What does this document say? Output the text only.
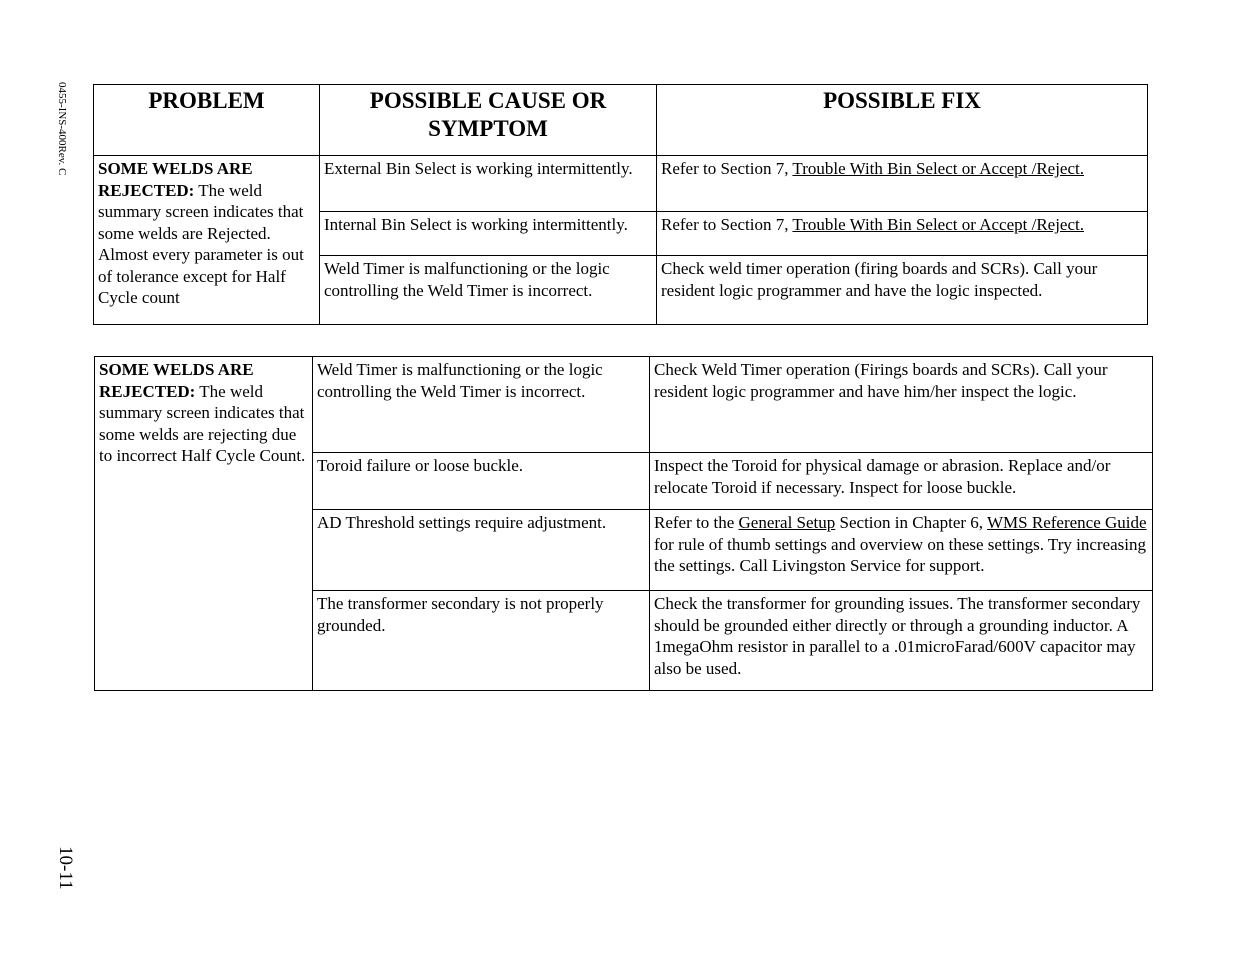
0455-INS-400Rev. C
10-11
PROBLEM	POSSIBLE CAUSE OR SYMPTOM	POSSIBLE FIX
SOME WELDS ARE REJECTED: The weld summary screen indicates that some welds are Rejected. Almost every parameter is out of tolerance except for Half Cycle count	External Bin Select is working intermittently.	Refer to Section 7, Trouble With Bin Select or Accept /Reject.
	Internal Bin Select is working intermittently.	Refer to Section 7, Trouble With Bin Select or Accept /Reject.
	Weld Timer is malfunctioning or the logic controlling the Weld Timer is incorrect.	Check weld timer operation (firing boards and SCRs). Call your resident logic programmer and have the logic inspected.
SOME WELDS ARE REJECTED: The weld summary screen indicates that some welds are rejecting due to incorrect Half Cycle Count.	Weld Timer is malfunctioning or the logic controlling the Weld Timer is incorrect.	Check Weld Timer operation (Firings boards and SCRs). Call your resident logic programmer and have him/her inspect the logic.
	Toroid failure or loose buckle.	Inspect the Toroid for physical damage or abrasion. Replace and/or relocate Toroid if necessary. Inspect for loose buckle.
	AD Threshold settings require adjustment.	Refer to the General Setup Section in Chapter 6, WMS Reference Guide for rule of thumb settings and overview on these settings. Try increasing the settings. Call Livingston Service for support.
	The transformer secondary is not properly grounded.	Check the transformer for grounding issues. The transformer secondary should be grounded either directly or through a grounding inductor. A 1megaOhm resistor in parallel to a .01microFarad/600V capacitor may also be used.
